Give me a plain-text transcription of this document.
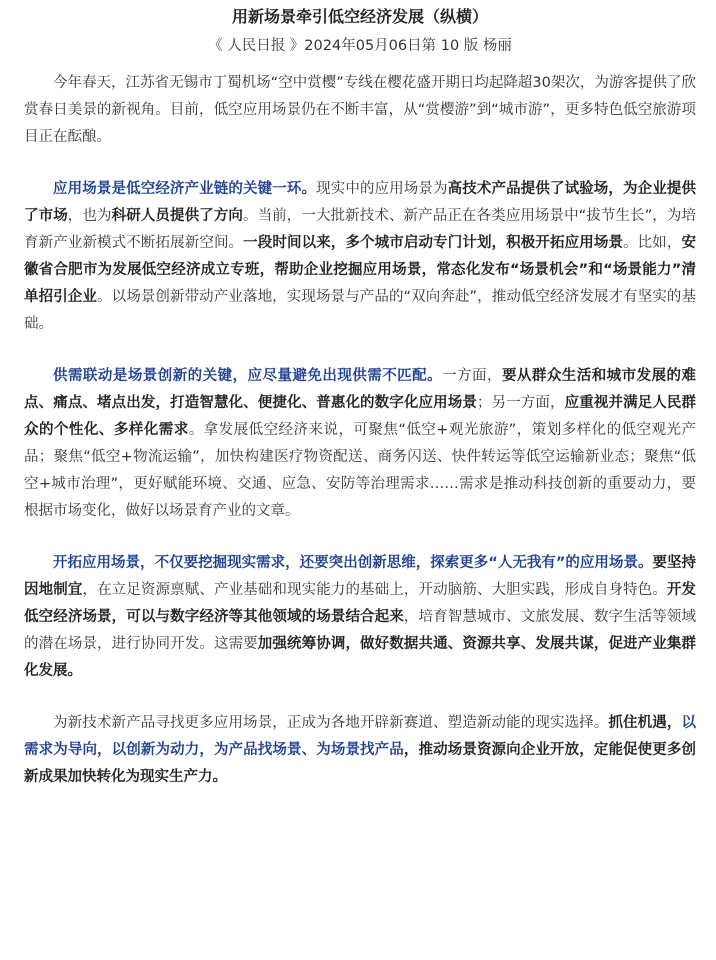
用新场景牵引低空经济发展（纵横）
《 人民日报 》2024年05月06日第 10 版 杨丽

今年春天，江苏省无锡市丁蜀机场“空中赏樱”专线在樱花盛开期日均起降超30架次，为游客提供了欣赏春日美景的新视角。目前，低空应用场景仍在不断丰富，从“赏樱游”到“城市游”，更多特色低空旅游项目正在酝酿。

应用场景是低空经济产业链的关键一环。现实中的应用场景为高技术产品提供了试验场，为企业提供了市场，也为科研人员提供了方向。当前，一大批新技术、新产品正在各类应用场景中“拔节生长”，为培育新产业新模式不断拓展新空间。一段时间以来，多个城市启动专门计划，积极开拓应用场景。比如，安徽省合肥市为发展低空经济成立专班，帮助企业挖掘应用场景，常态化发布“场景机会”和“场景能力”清单招引企业。以场景创新带动产业落地，实现场景与产品的“双向奔赴”，推动低空经济发展才有坚实的基础。

供需联动是场景创新的关键，应尽量避免出现供需不匹配。一方面，要从群众生活和城市发展的难点、痛点、堵点出发，打造智慧化、便捷化、普惠化的数字化应用场景；另一方面，应重视并满足人民群众的个性化、多样化需求。拿发展低空经济来说，可聚焦“低空+观光旅游”，策划多样化的低空观光产品；聚焦“低空+物流运输”，加快构建医疗物资配送、商务闪送、快件转运等低空运输新业态；聚焦“低空+城市治理”，更好赋能环境、交通、应急、安防等治理需求……需求是推动科技创新的重要动力，要根据市场变化，做好以场景育产业的文章。

开拓应用场景，不仅要挖掘现实需求，还要突出创新思维，探索更多“人无我有”的应用场景。要坚持因地制宜，在立足资源禀赋、产业基础和现实能力的基础上，开动脑筋、大胆实践，形成自身特色。开发低空经济场景，可以与数字经济等其他领域的场景结合起来，培育智慧城市、文旅发展、数字生活等领域的潜在场景，进行协同开发。这需要加强统筹协调，做好数据共通、资源共享、发展共谋，促进产业集群化发展。

为新技术新产品寻找更多应用场景，正成为各地开辟新赛道、塑造新动能的现实选择。抓住机遇，以需求为导向，以创新为动力，为产品找场景、为场景找产品，推动场景资源向企业开放，定能促使更多创新成果加快转化为现实生产力。
